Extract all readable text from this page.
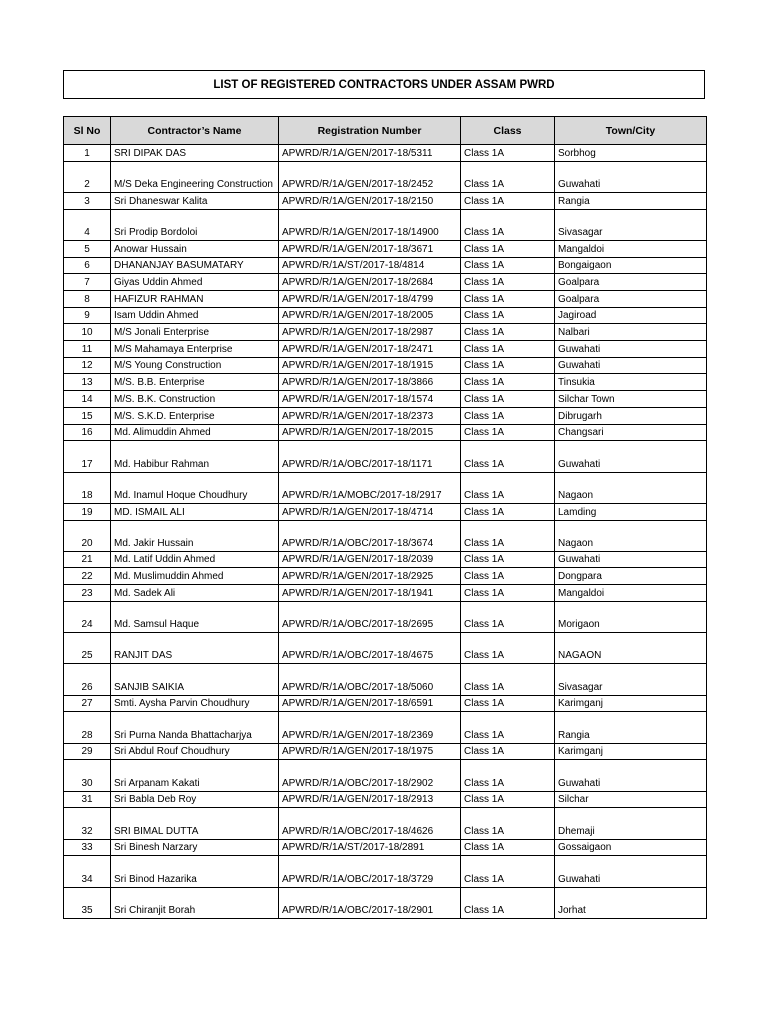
LIST OF REGISTERED CONTRACTORS UNDER ASSAM PWRD
Sl No	Contractor’s Name	Registration Number	Class	Town/City
1	SRI DIPAK DAS	APWRD/R/1A/GEN/2017-18/5311	Class 1A	Sorbhog
2	M/S Deka Engineering Construction	APWRD/R/1A/GEN/2017-18/2452	Class 1A	Guwahati
3	Sri Dhaneswar Kalita	APWRD/R/1A/GEN/2017-18/2150	Class 1A	Rangia
4	Sri Prodip Bordoloi	APWRD/R/1A/GEN/2017-18/14900	Class 1A	Sivasagar
5	Anowar Hussain	APWRD/R/1A/GEN/2017-18/3671	Class 1A	Mangaldoi
6	DHANANJAY BASUMATARY	APWRD/R/1A/ST/2017-18/4814	Class 1A	Bongaigaon
7	Giyas Uddin Ahmed	APWRD/R/1A/GEN/2017-18/2684	Class 1A	Goalpara
8	HAFIZUR RAHMAN	APWRD/R/1A/GEN/2017-18/4799	Class 1A	Goalpara
9	Isam Uddin Ahmed	APWRD/R/1A/GEN/2017-18/2005	Class 1A	Jagiroad
10	M/S Jonali Enterprise	APWRD/R/1A/GEN/2017-18/2987	Class 1A	Nalbari
11	M/S Mahamaya Enterprise	APWRD/R/1A/GEN/2017-18/2471	Class 1A	Guwahati
12	M/S Young Construction	APWRD/R/1A/GEN/2017-18/1915	Class 1A	Guwahati
13	M/S. B.B. Enterprise	APWRD/R/1A/GEN/2017-18/3866	Class 1A	Tinsukia
14	M/S. B.K. Construction	APWRD/R/1A/GEN/2017-18/1574	Class 1A	Silchar Town
15	M/S. S.K.D. Enterprise	APWRD/R/1A/GEN/2017-18/2373	Class 1A	Dibrugarh
16	Md. Alimuddin Ahmed	APWRD/R/1A/GEN/2017-18/2015	Class 1A	Changsari
17	Md. Habibur Rahman	APWRD/R/1A/OBC/2017-18/1171	Class 1A	Guwahati
18	Md. Inamul Hoque Choudhury	APWRD/R/1A/MOBC/2017-18/2917	Class 1A	Nagaon
19	MD. ISMAIL ALI	APWRD/R/1A/GEN/2017-18/4714	Class 1A	Lamding
20	Md. Jakir Hussain	APWRD/R/1A/OBC/2017-18/3674	Class 1A	Nagaon
21	Md. Latif Uddin Ahmed	APWRD/R/1A/GEN/2017-18/2039	Class 1A	Guwahati
22	Md. Muslimuddin Ahmed	APWRD/R/1A/GEN/2017-18/2925	Class 1A	Dongpara
23	Md. Sadek Ali	APWRD/R/1A/GEN/2017-18/1941	Class 1A	Mangaldoi
24	Md. Samsul Haque	APWRD/R/1A/OBC/2017-18/2695	Class 1A	Morigaon
25	RANJIT DAS	APWRD/R/1A/OBC/2017-18/4675	Class 1A	NAGAON
26	SANJIB SAIKIA	APWRD/R/1A/OBC/2017-18/5060	Class 1A	Sivasagar
27	Smti. Aysha Parvin Choudhury	APWRD/R/1A/GEN/2017-18/6591	Class 1A	Karimganj
28	Sri Purna Nanda Bhattacharjya	APWRD/R/1A/GEN/2017-18/2369	Class 1A	Rangia
29	Sri Abdul Rouf Choudhury	APWRD/R/1A/GEN/2017-18/1975	Class 1A	Karimganj
30	Sri Arpanam Kakati	APWRD/R/1A/OBC/2017-18/2902	Class 1A	Guwahati
31	Sri Babla Deb Roy	APWRD/R/1A/GEN/2017-18/2913	Class 1A	Silchar
32	SRI BIMAL DUTTA	APWRD/R/1A/OBC/2017-18/4626	Class 1A	Dhemaji
33	Sri Binesh Narzary	APWRD/R/1A/ST/2017-18/2891	Class 1A	Gossaigaon
34	Sri Binod Hazarika	APWRD/R/1A/OBC/2017-18/3729	Class 1A	Guwahati
35	Sri Chiranjit Borah	APWRD/R/1A/OBC/2017-18/2901	Class 1A	Jorhat
